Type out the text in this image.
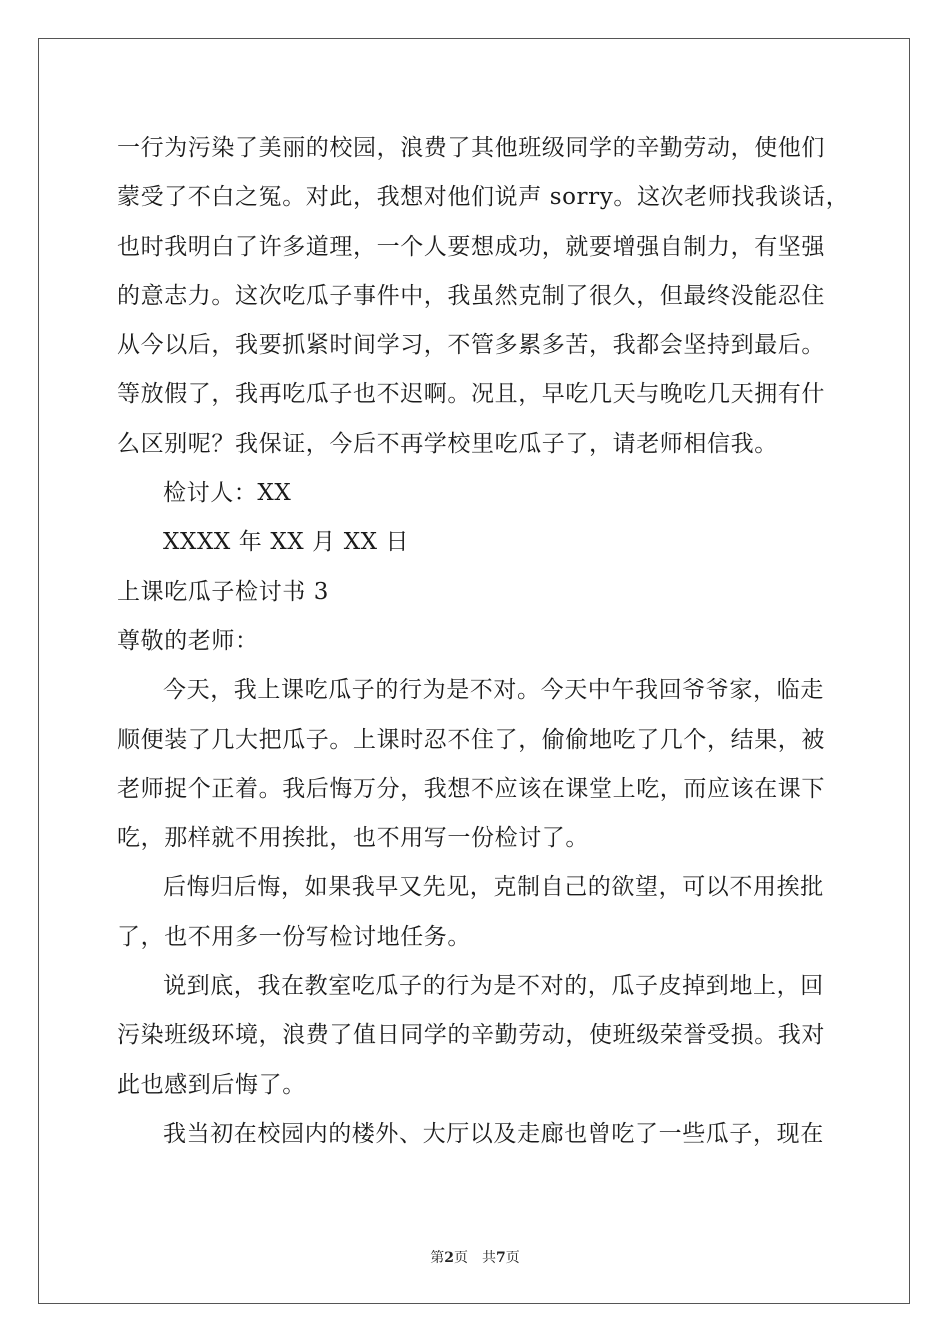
一行为污染了美丽的校园，浪费了其他班级同学的辛勤劳动，使他们
蒙受了不白之冤。对此，我想对他们说声 sorry。这次老师找我谈话，
也时我明白了许多道理，一个人要想成功，就要增强自制力，有坚强
的意志力。这次吃瓜子事件中，我虽然克制了很久，但最终没能忍住
从今以后，我要抓紧时间学习，不管多累多苦，我都会坚持到最后。
等放假了，我再吃瓜子也不迟啊。况且，早吃几天与晚吃几天拥有什
么区别呢？我保证，今后不再学校里吃瓜子了，请老师相信我。
检讨人：XX
XXXX 年 XX 月 XX 日
上课吃瓜子检讨书 3
尊敬的老师：
今天，我上课吃瓜子的行为是不对。今天中午我回爷爷家，临走
顺便装了几大把瓜子。上课时忍不住了，偷偷地吃了几个，结果，被
老师捉个正着。我后悔万分，我想不应该在课堂上吃，而应该在课下
吃，那样就不用挨批，也不用写一份检讨了。
后悔归后悔，如果我早又先见，克制自己的欲望，可以不用挨批
了，也不用多一份写检讨地任务。
说到底，我在教室吃瓜子的行为是不对的，瓜子皮掉到地上，回
污染班级环境，浪费了值日同学的辛勤劳动，使班级荣誉受损。我对
此也感到后悔了。
我当初在校园内的楼外、大厅以及走廊也曾吃了一些瓜子，现在
第2页 共7页
